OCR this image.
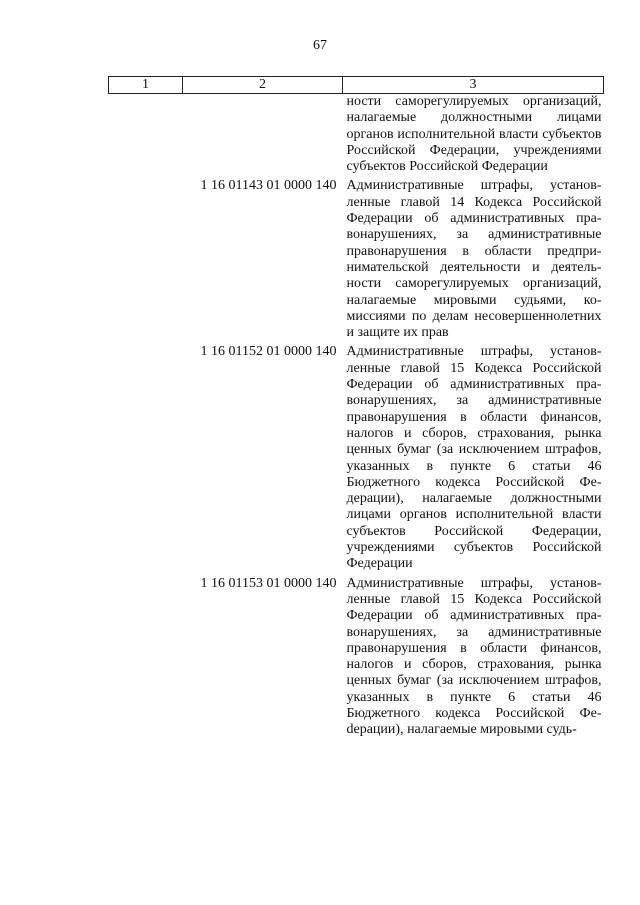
67
1	2	3
		ности саморегулируемых организаций, налагаемые должностными лицами органов исполнительной власти субъектов Российской Федерации, учреждениями субъектов Российской Федерации
	1 16 01143 01 0000 140	Административные штрафы, установленные главой 14 Кодекса Российской Федерации об административных правонарушениях, за административные правонарушения в области предпринимательской деятельности и деятельности саморегулируемых организаций, налагаемые мировыми судьями, комиссиями по делам несовершеннолетних и защите их прав
	1 16 01152 01 0000 140	Административные штрафы, установленные главой 15 Кодекса Российской Федерации об административных правонарушениях, за административные правонарушения в области финансов, налогов и сборов, страхования, рынка ценных бумаг (за исключением штрафов, указанных в пункте 6 статьи 46 Бюджетного кодекса Российской Федерации), налагаемые должностными лицами органов исполнительной власти субъектов Российской Федерации, учреждениями субъектов Российской Федерации
	1 16 01153 01 0000 140	Административные штрафы, установленные главой 15 Кодекса Российской Федерации об административных правонарушениях, за административные правонарушения в области финансов, налогов и сборов, страхования, рынка ценных бумаг (за исключением штрафов, указанных в пункте 6 статьи 46 Бюджетного кодекса Российской Феdерации), налагаемые мировыми судь-
